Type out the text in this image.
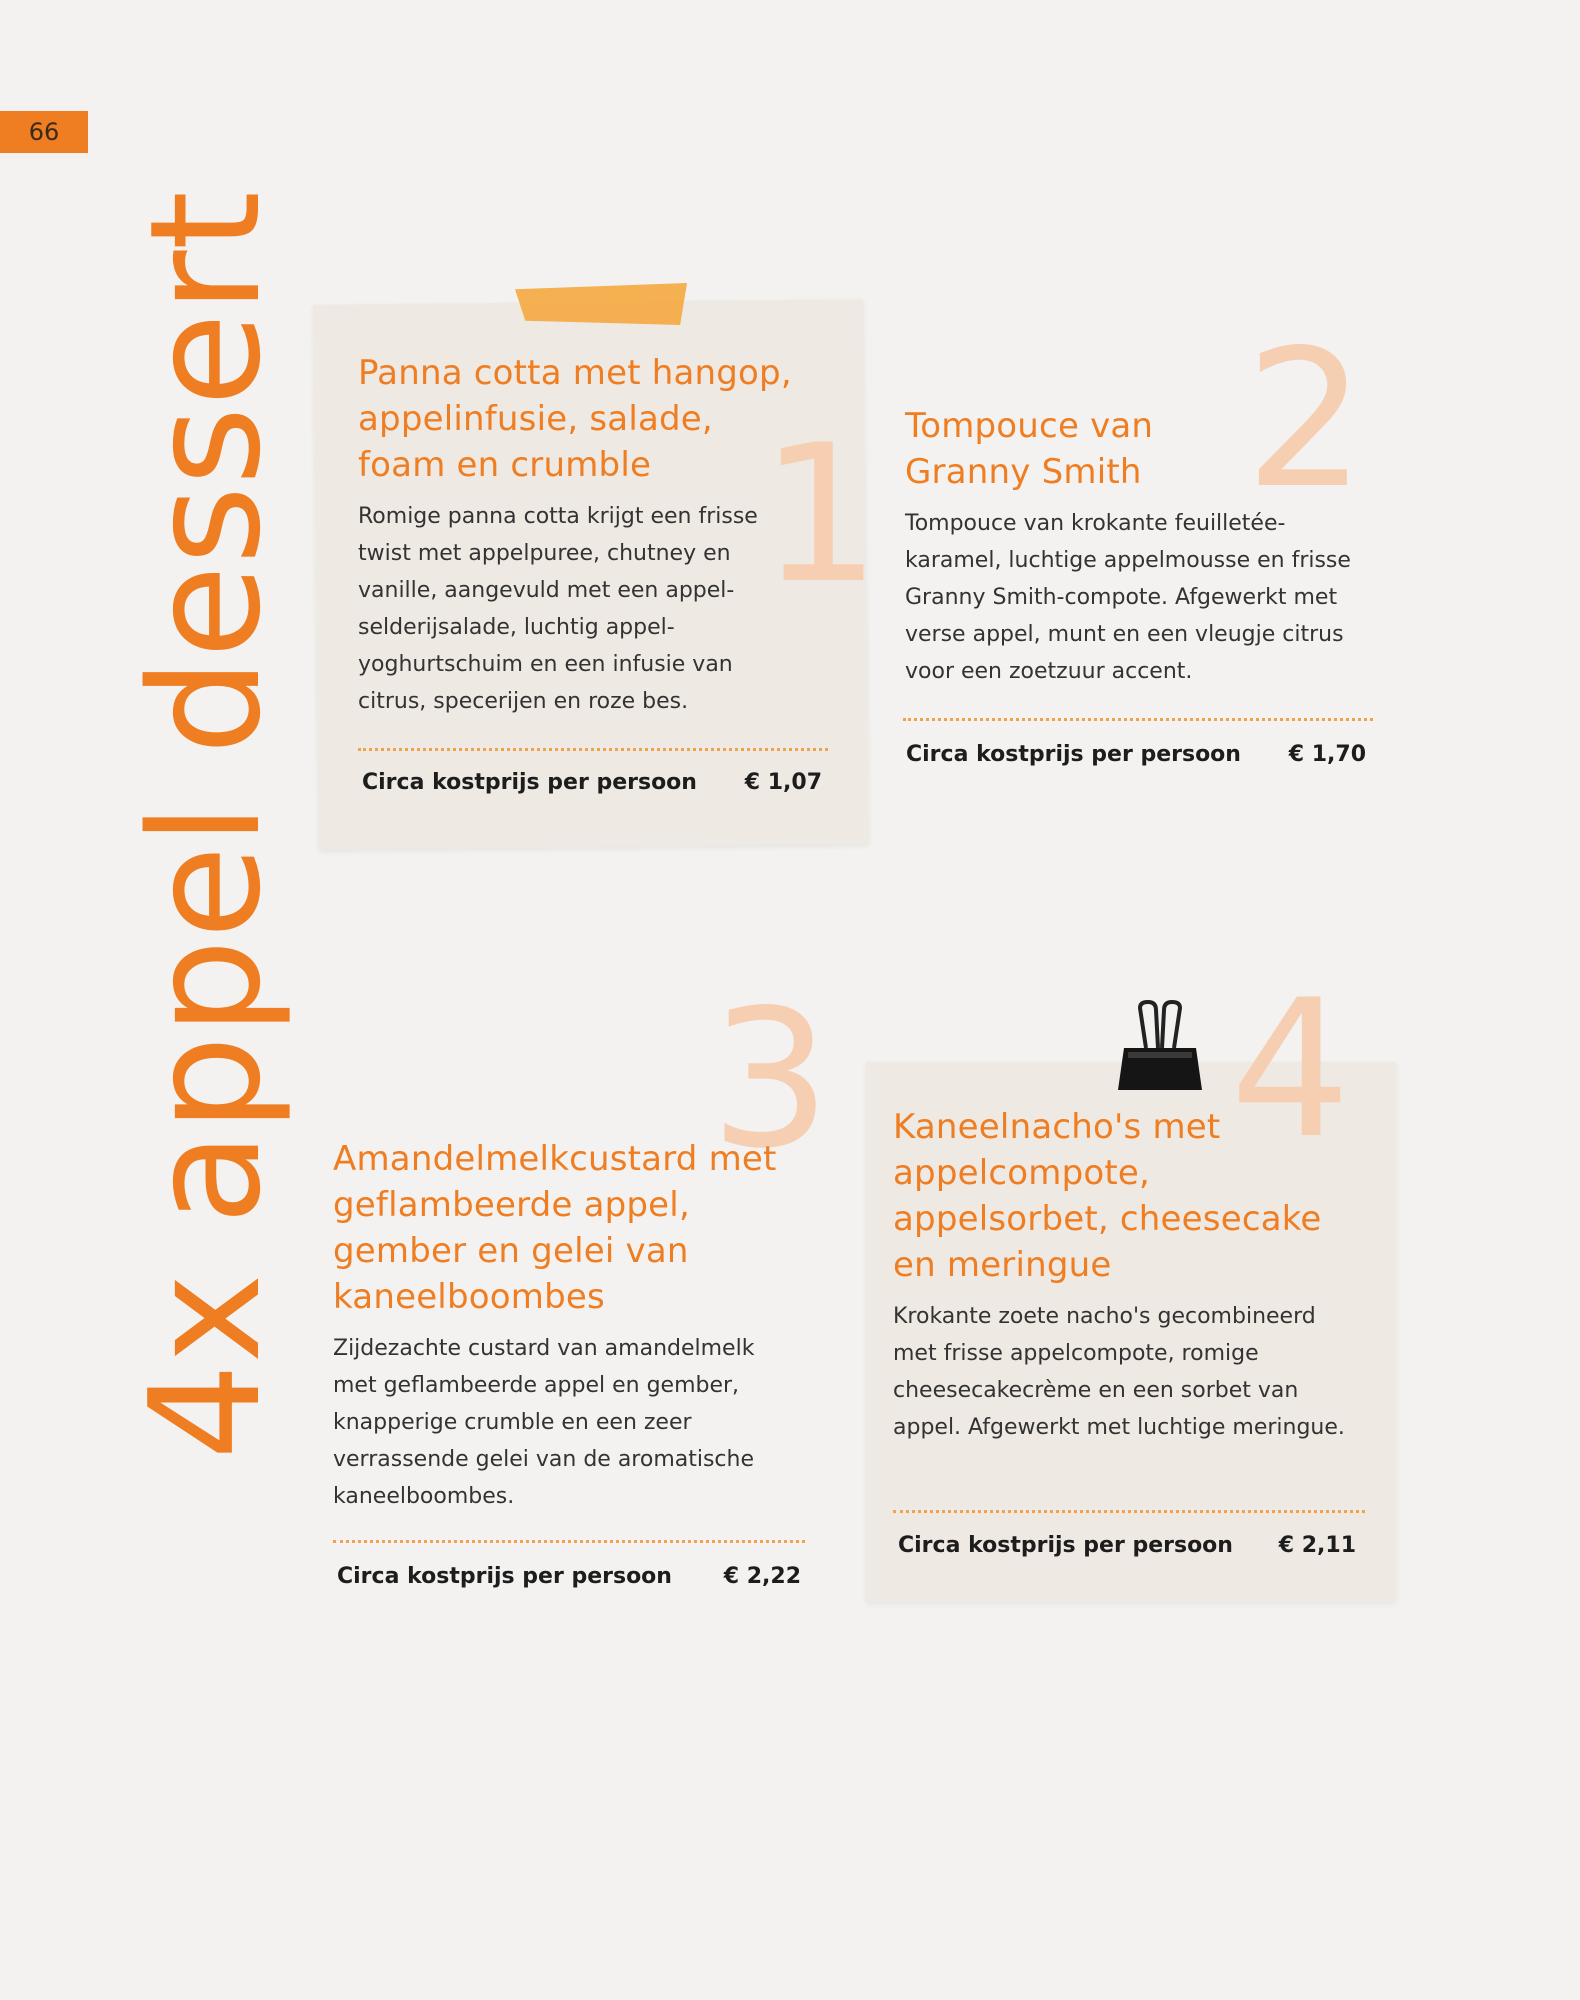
66
4x appel dessert 1 2
3 4
Panna cotta met hangop, appelinfusie, salade, foam en crumble

Romige panna cotta krijgt een frisse twist met appelpuree, chutney en vanille, aangevuld met een appel-selderijsalade, luchtig appel-yoghurtschuim en een infusie van citrus, specerijen en roze bes.

Circa kostprijs per persoon € 1,07
Tompouce van Granny Smith

Tompouce van krokante feuilletée-karamel, luchtige appelmousse en frisse Granny Smith-compote. Afgewerkt met verse appel, munt en een vleugje citrus voor een zoetzuur accent.

Circa kostprijs per persoon € 1,70
Amandelmelkcustard met geflambeerde appel, gember en gelei van kaneelboombes

Zijdezachte custard van amandelmelk met geflambeerde appel en gember, knapperige crumble en een zeer verrassende gelei van de aromatische kaneelboombes.

Circa kostprijs per persoon € 2,22
Kaneelnacho's met appelcompote, appelsorbet, cheesecake en meringue

Krokante zoete nacho's gecombineerd met frisse appelcompote, romige cheesecakecrème en een sorbet van appel. Afgewerkt met luchtige meringue.

Circa kostprijs per persoon € 2,11
